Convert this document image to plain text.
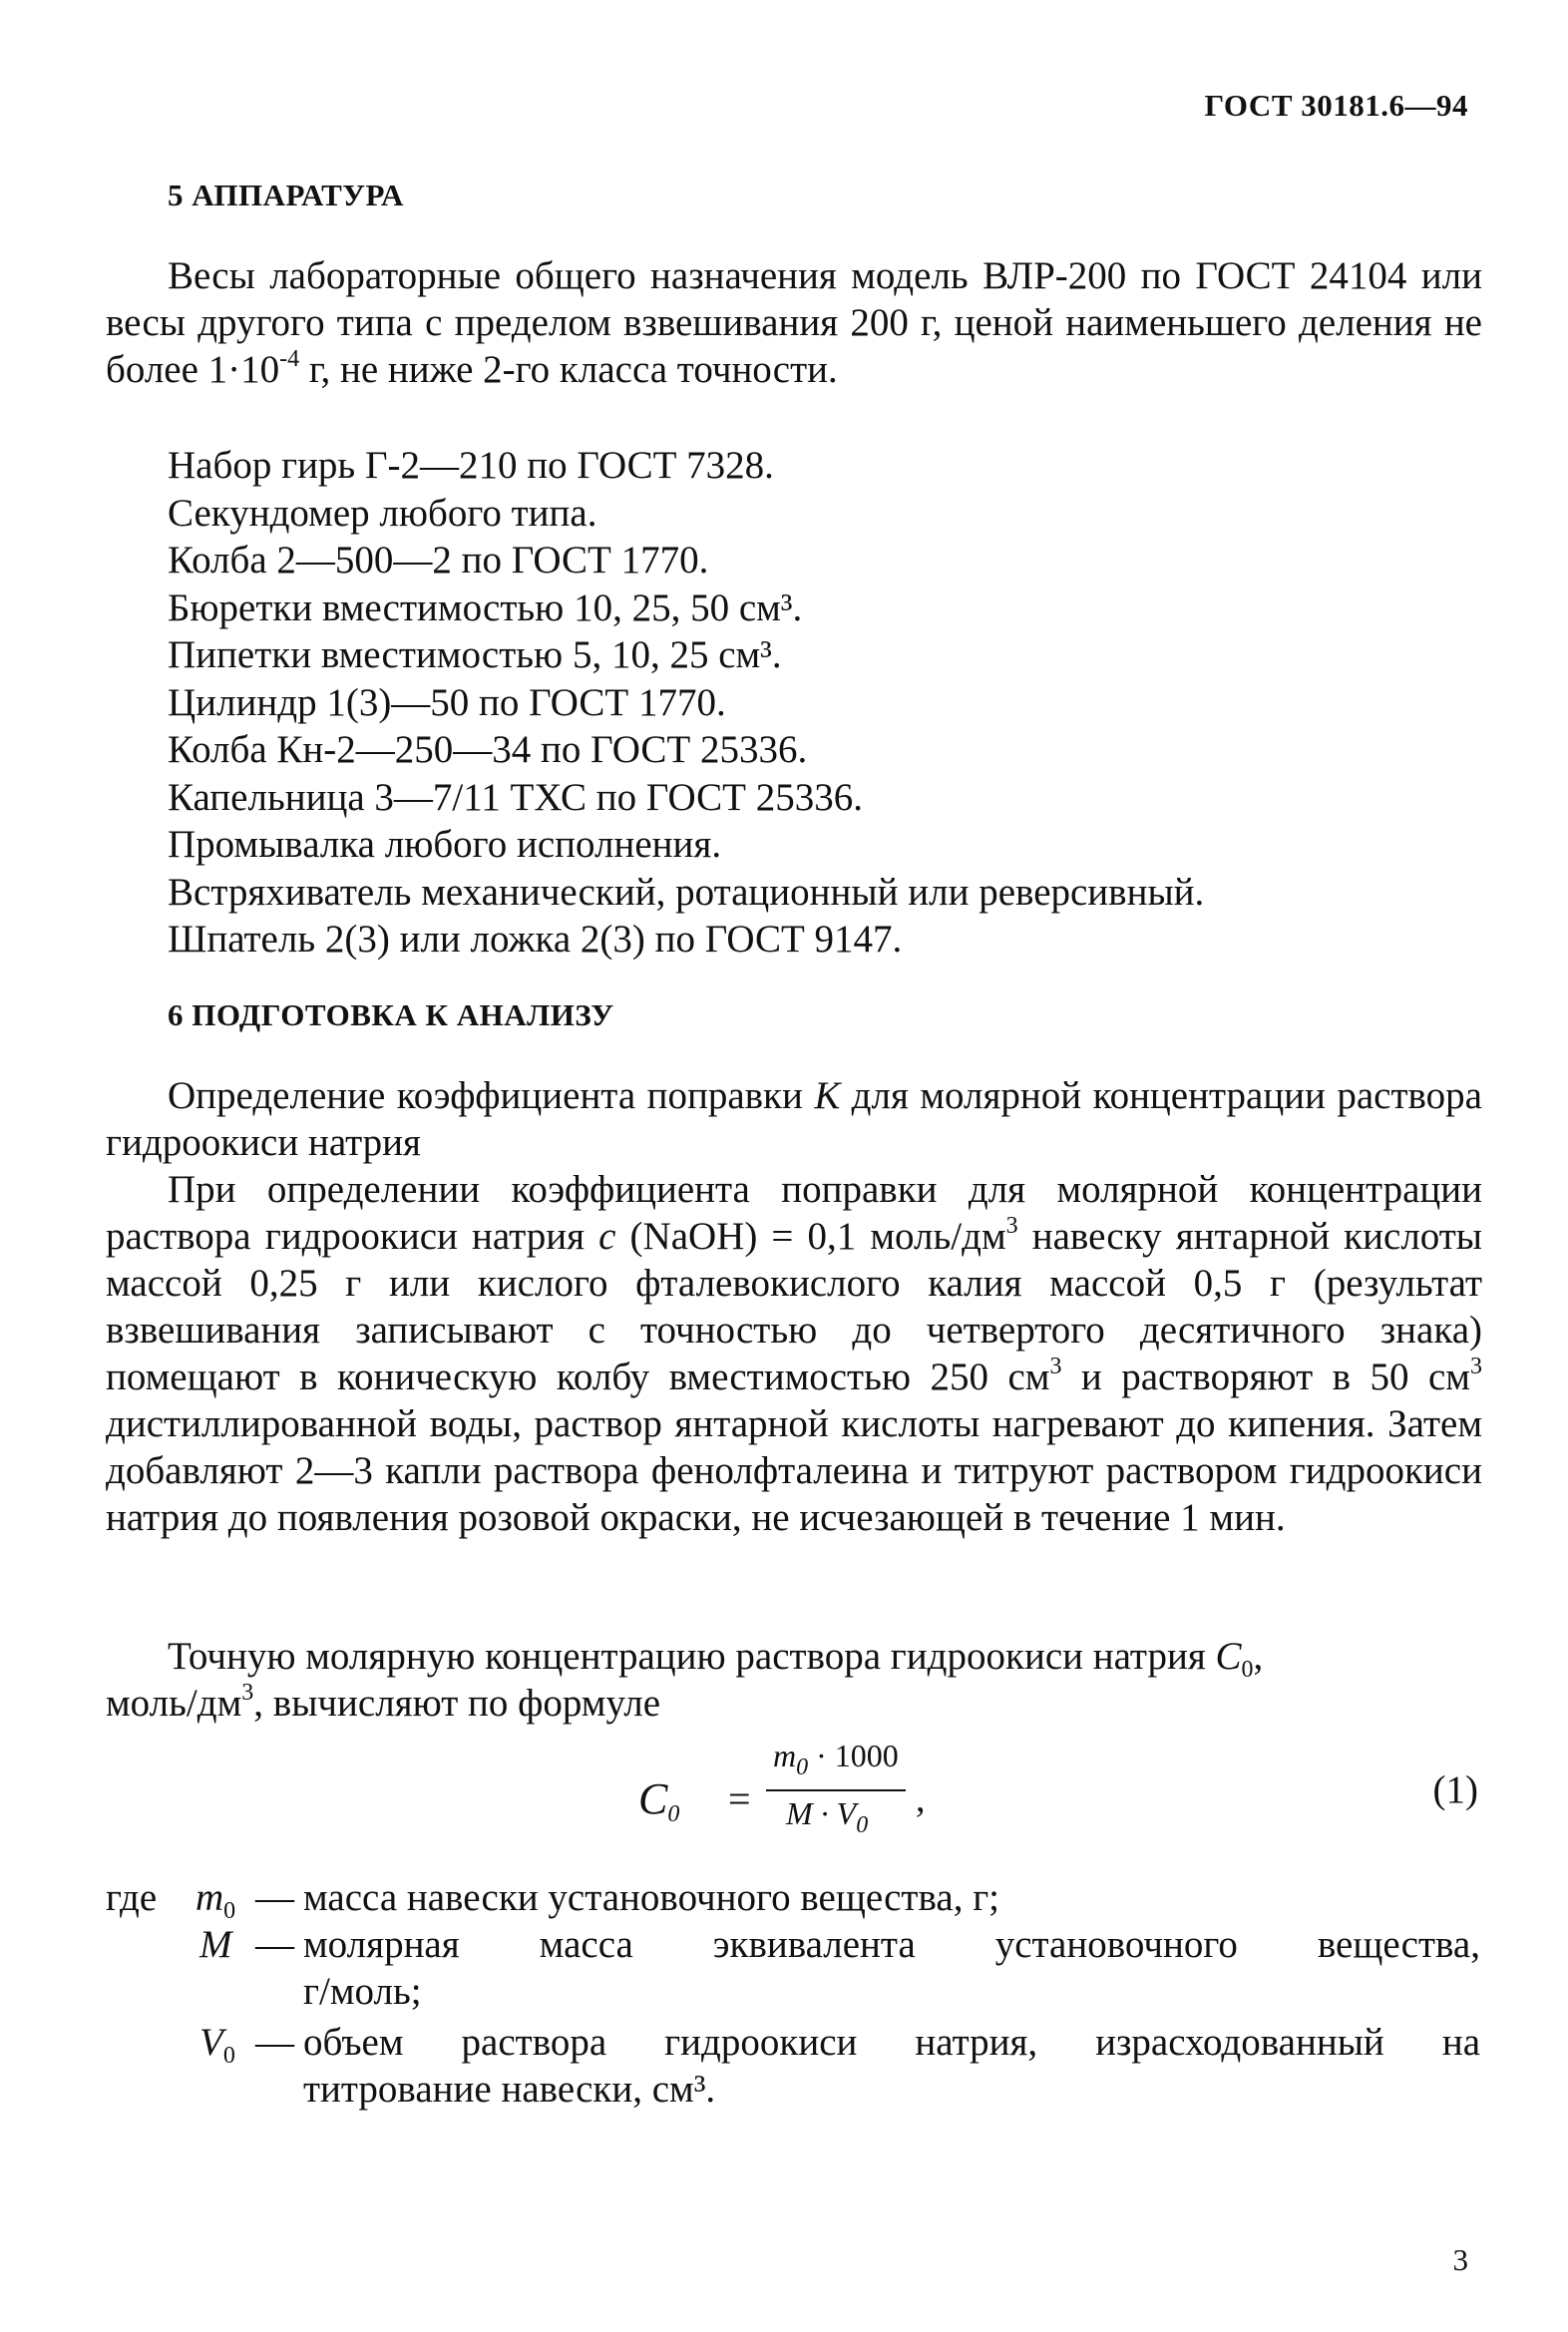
ГОСТ 30181.6—94
5 АППАРАТУРА
Весы лабораторные общего назначения модель ВЛР-200 по ГОСТ 24104 или весы другого типа с пределом взвешивания 200 г, ценой наименьшего деления не более $1\cdot 10^{-4}$ г, не ниже 2-го класса точности.
Набор гирь Г-2—210 по ГОСТ 7328.
Секундомер любого типа.
Колба 2—500—2 по ГОСТ 1770.
Бюретки вместимостью 10, 25, 50 см³.
Пипетки вместимостью 5, 10, 25 см³.
Цилиндр 1(3)—50 по ГОСТ 1770.
Колба Кн-2—250—34 по ГОСТ 25336.
Капельница 3—7/11 ТХС по ГОСТ 25336.
Промывалка любого исполнения.
Встряхиватель механический, ротационный или реверсивный.
Шпатель 2(3) или ложка 2(3) по ГОСТ 9147.
6 ПОДГОТОВКА К АНАЛИЗУ
Определение коэффициента поправки К для молярной концентрации раствора гидроокиси натрия
При определении коэффициента поправки для молярной концентрации раствора гидроокиси натрия с (NaOH) = 0,1 моль/$дм^3$ навеску янтарной кислоты массой 0,25 г или кислого фталевокислого калия массой 0,5 г (результат взвешивания записывают с точностью до четвертого десятичного знака) помещают в коническую колбу вместимостью 250 $см^3$ и растворяют в 50 $см^3$ дистиллированной воды, раствор янтарной кислоты нагревают до кипения. Затем добавляют 2—3 капли раствора фенолфталеина и титруют раствором гидроокиси натрия до появления розовой окраски, не исчезающей в течение 1 мин.
Точную молярную концентрацию раствора гидроокиси натрия $C_0$,
моль/$дм^3$, вычисляют по формуле
$C_0$ =
$m_0 \cdot 1000$
$M \cdot V_0$
,	(1)
где $m_0$ — масса навески установочного вещества, г;
M — молярная масса эквивалента установочного вещества,
г/моль;
$V_0$ — объем раствора гидроокиси натрия, израсходованный на
титрование навески, см³.
3
